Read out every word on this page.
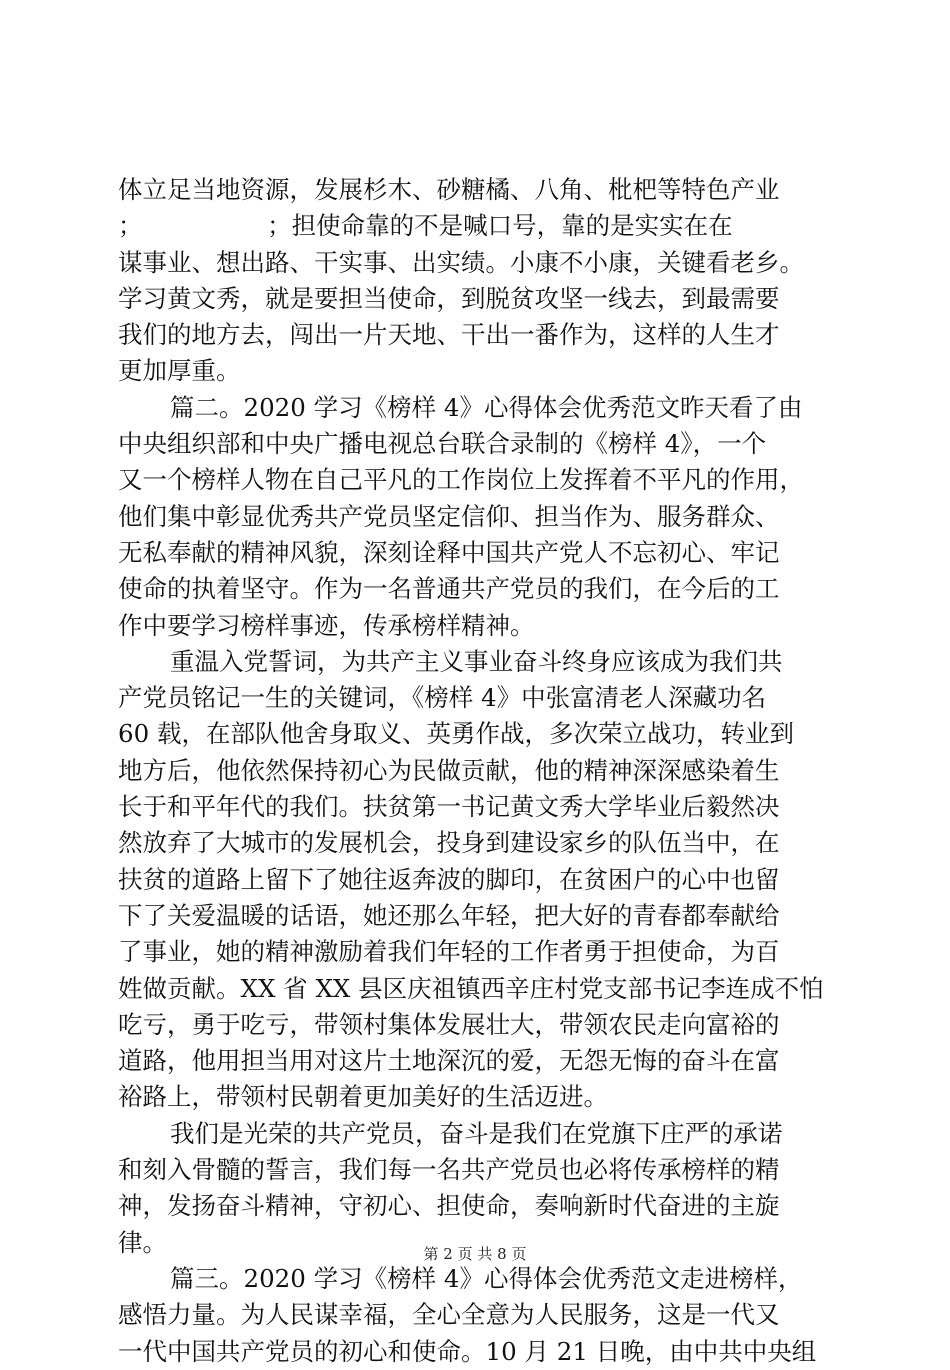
体立足当地资源，发展杉木、砂糖橘、八角、枇杷等特色产业
；                ；担使命靠的不是喊口号，靠的是实实在在
谋事业、想出路、干实事、出实绩。小康不小康，关键看老乡。
学习黄文秀，就是要担当使命，到脱贫攻坚一线去，到最需要
我们的地方去，闯出一片天地、干出一番作为，这样的人生才
更加厚重。
篇二。2020 学习《榜样 4》心得体会优秀范文昨天看了由
中央组织部和中央广播电视总台联合录制的《榜样 4》，一个
又一个榜样人物在自己平凡的工作岗位上发挥着不平凡的作用，
他们集中彰显优秀共产党员坚定信仰、担当作为、服务群众、
无私奉献的精神风貌，深刻诠释中国共产党人不忘初心、牢记
使命的执着坚守。作为一名普通共产党员的我们，在今后的工
作中要学习榜样事迹，传承榜样精神。
重温入党誓词，为共产主义事业奋斗终身应该成为我们共
产党员铭记一生的关键词，《榜样 4》中张富清老人深藏功名
60 载，在部队他舍身取义、英勇作战，多次荣立战功，转业到
地方后，他依然保持初心为民做贡献，他的精神深深感染着生
长于和平年代的我们。扶贫第一书记黄文秀大学毕业后毅然决
然放弃了大城市的发展机会，投身到建设家乡的队伍当中，在
扶贫的道路上留下了她往返奔波的脚印，在贫困户的心中也留
下了关爱温暖的话语，她还那么年轻，把大好的青春都奉献给
了事业，她的精神激励着我们年轻的工作者勇于担使命，为百
姓做贡献。XX 省 XX 县区庆祖镇西辛庄村党支部书记李连成不怕
吃亏，勇于吃亏，带领村集体发展壮大，带领农民走向富裕的
道路，他用担当用对这片土地深沉的爱，无怨无悔的奋斗在富
裕路上，带领村民朝着更加美好的生活迈进。
我们是光荣的共产党员，奋斗是我们在党旗下庄严的承诺
和刻入骨髓的誓言，我们每一名共产党员也必将传承榜样的精
神，发扬奋斗精神，守初心、担使命，奏响新时代奋进的主旋
律。
篇三。2020 学习《榜样 4》心得体会优秀范文走进榜样，
感悟力量。为人民谋幸福，全心全意为人民服务，这是一代又
一代中国共产党员的初心和使命。10 月 21 日晚，由中共中央组
第 2 页 共 8 页
